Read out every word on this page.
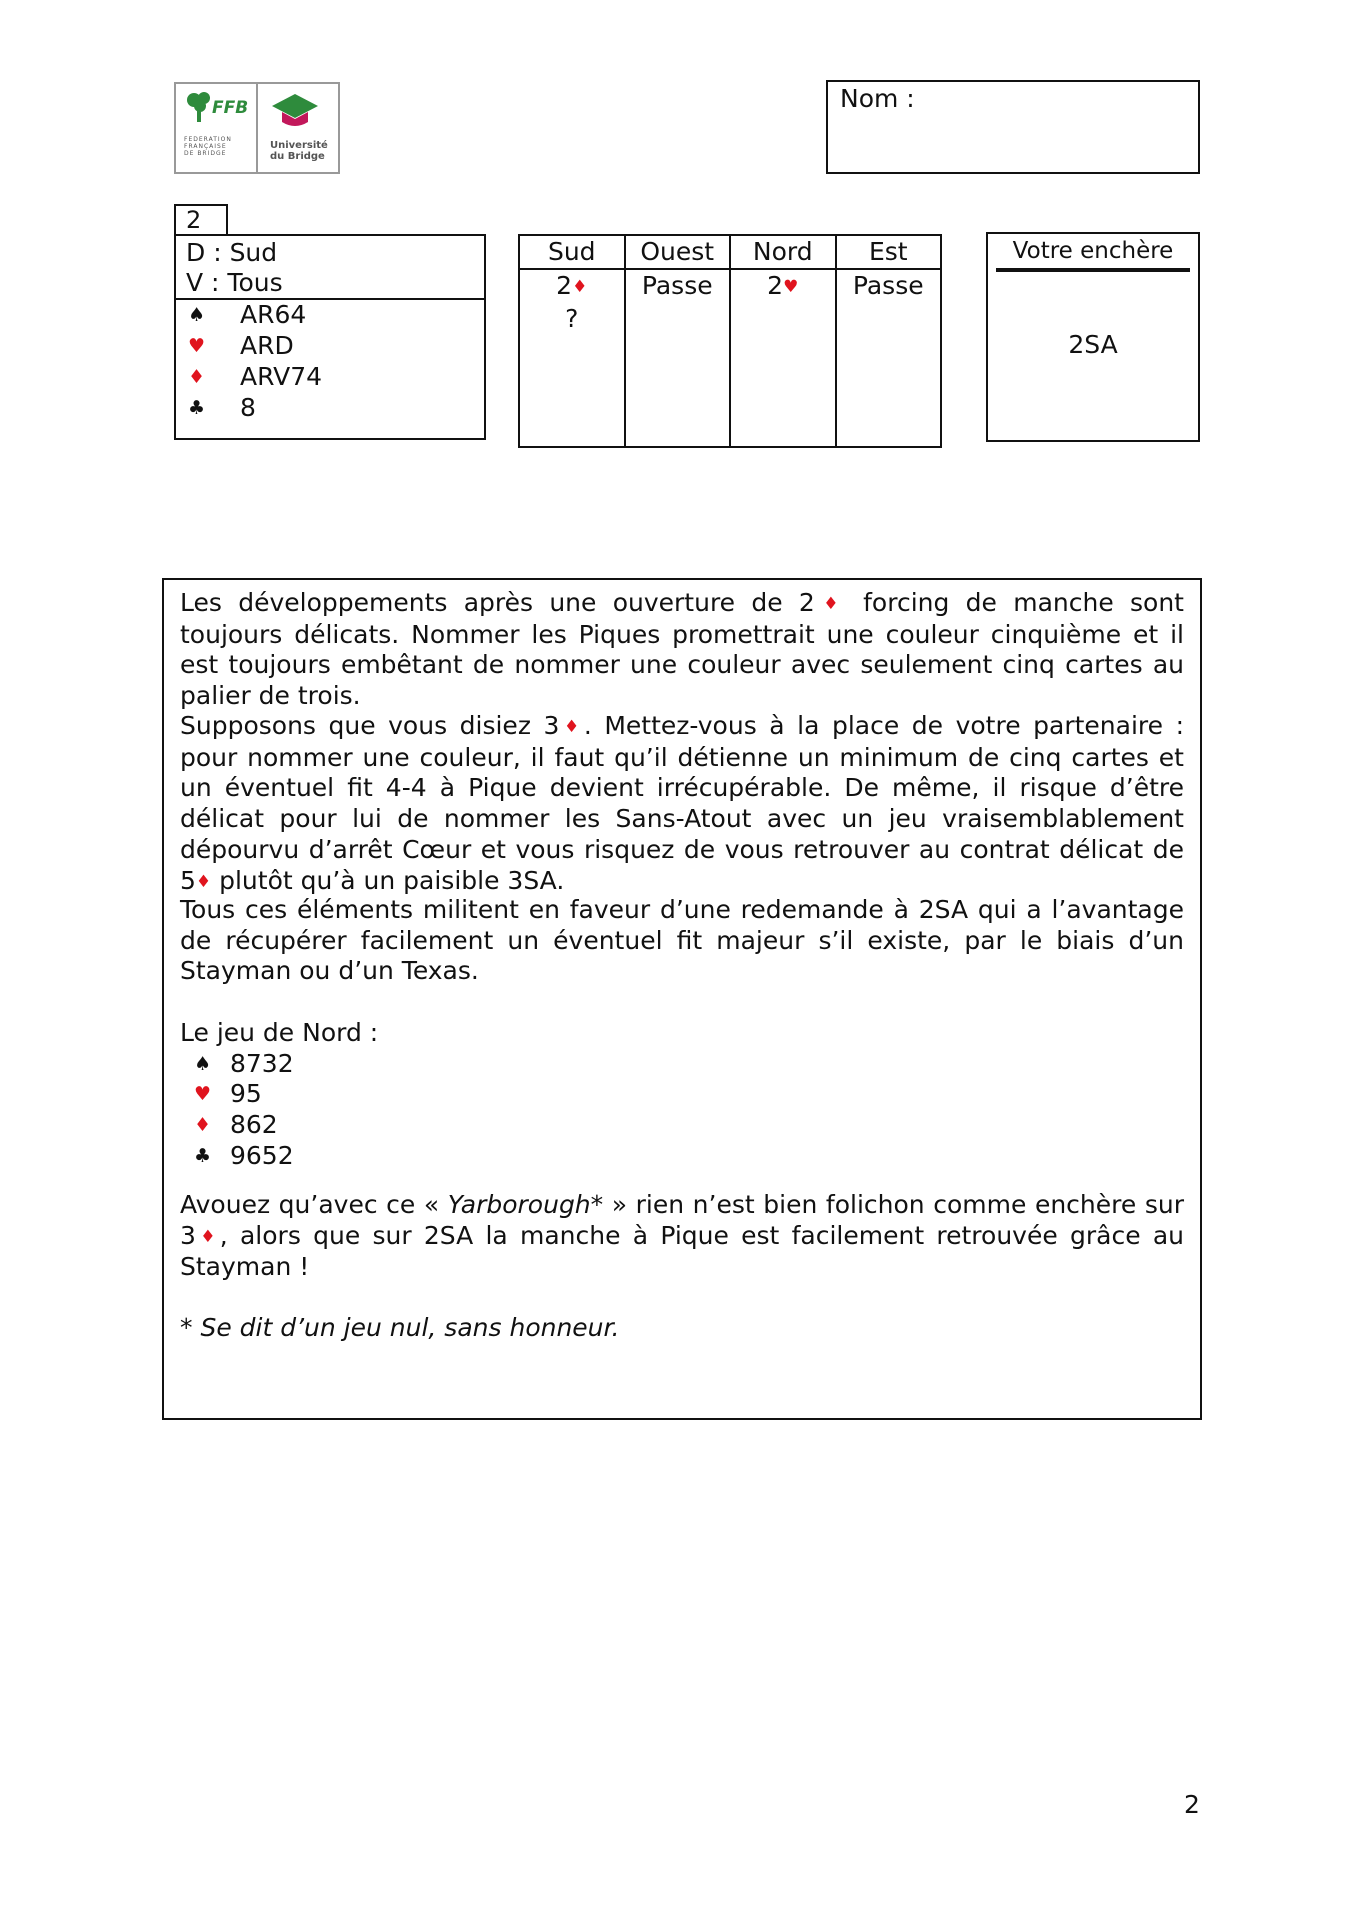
FFB
FEDERATION
FRANÇAISE
DE BRIDGE
Université du Bridge
Nom :
2
D : Sud
V : Tous
♠ AR64
♥ ARD
♦ ARV74
♣ 8
Sud
2♦
?
Ouest
Passe
Nord
2♥
Est
Passe
Votre enchère
2SA
Les développements après une ouverture de 2♦ forcing de manche sont toujours délicats. Nommer les Piques promettrait une couleur cinquième et il est toujours embêtant de nommer une couleur avec seulement cinq cartes au palier de trois.
Supposons que vous disiez 3♦. Mettez-vous à la place de votre partenaire : pour nommer une couleur, il faut qu’il détienne un minimum de cinq cartes et un éventuel fit 4-4 à Pique devient irrécupérable. De même, il risque d’être délicat pour lui de nommer les Sans-Atout avec un jeu vraisemblablement dépourvu d’arrêt Cœur et vous risquez de vous retrouver au contrat délicat de 5♦ plutôt qu’à un paisible 3SA.
Tous ces éléments militent en faveur d’une redemande à 2SA qui a l’avantage de récupérer facilement un éventuel fit majeur s’il existe, par le biais d’un Stayman ou d’un Texas.
Le jeu de Nord :
♠ 8732
♥ 95
♦ 862
♣ 9652
Avouez qu’avec ce « Yarborough* » rien n’est bien folichon comme enchère sur 3♦, alors que sur 2SA la manche à Pique est facilement retrouvée grâce au Stayman !
* Se dit d’un jeu nul, sans honneur.
2
